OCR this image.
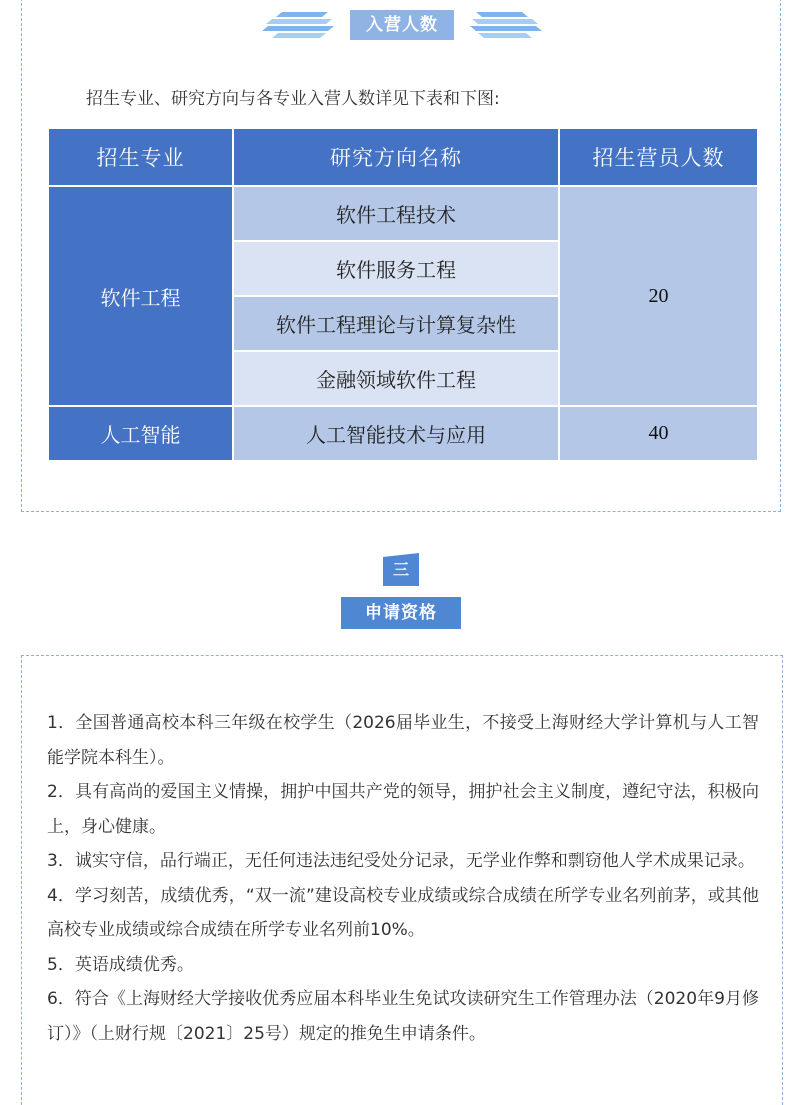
入营人数
招生专业、研究方向与各专业入营人数详见下表和下图:
招生专业	研究方向名称	招生营员人数
软件工程	软件工程技术	20
	软件服务工程	
	软件工程理论与计算复杂性	
	金融领域软件工程	
人工智能	人工智能技术与应用	40
三
申请资格

1．全国普通高校本科三年级在校学生（2026届毕业生，不接受上海财经大学计算机与人工智能学院本科生）。

2．具有高尚的爱国主义情操，拥护中国共产党的领导，拥护社会主义制度，遵纪守法，积极向上，身心健康。

3．诚实守信，品行端正，无任何违法违纪受处分记录，无学业作弊和剽窃他人学术成果记录。

4．学习刻苦，成绩优秀，“双一流”建设高校专业成绩或综合成绩在所学专业名列前茅，或其他高校专业成绩或综合成绩在所学专业名列前10%。

5．英语成绩优秀。

6．符合《上海财经大学接收优秀应届本科毕业生免试攻读研究生工作管理办法（2020年9月修订）》（上财行规〔2021〕25号）规定的推免生申请条件。
